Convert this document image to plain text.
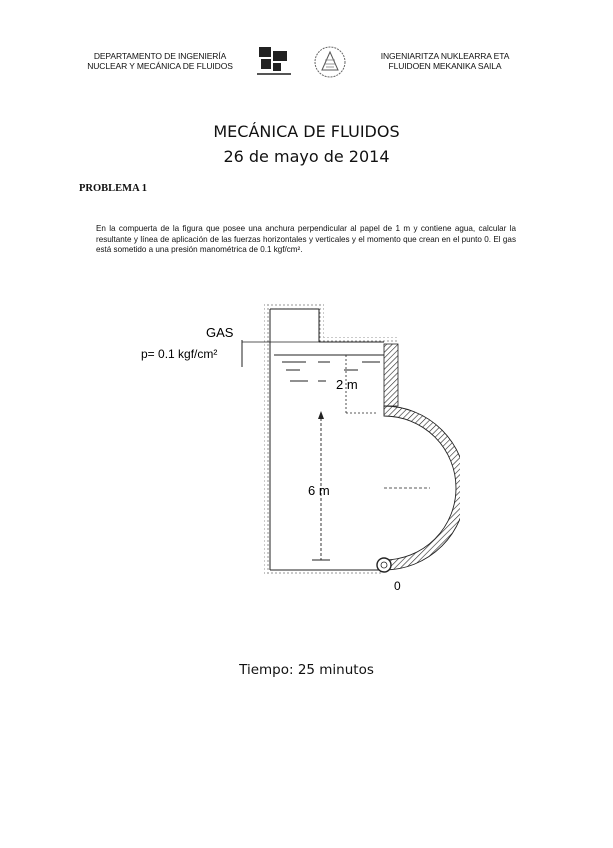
DEPARTAMENTO DE INGENIERÍA
NUCLEAR Y MECÁNICA DE FLUIDOS
INGENIARITZA NUKLEARRA ETA
FLUIDOEN MEKANIKA SAILA
MECÁNICA DE FLUIDOS
26 de mayo de 2014
PROBLEMA 1
En la compuerta de la figura que posee una anchura perpendicular al papel de 1 m y contiene agua, calcular la resultante y línea de aplicación de las fuerzas horizontales y verticales y el momento que crean en el punto 0. El gas está sometido a una presión manométrica de 0.1 kgf/cm².
GAS
p= 0.1 kgf/cm²
2 m
6 m
0
Tiempo: 25 minutos
